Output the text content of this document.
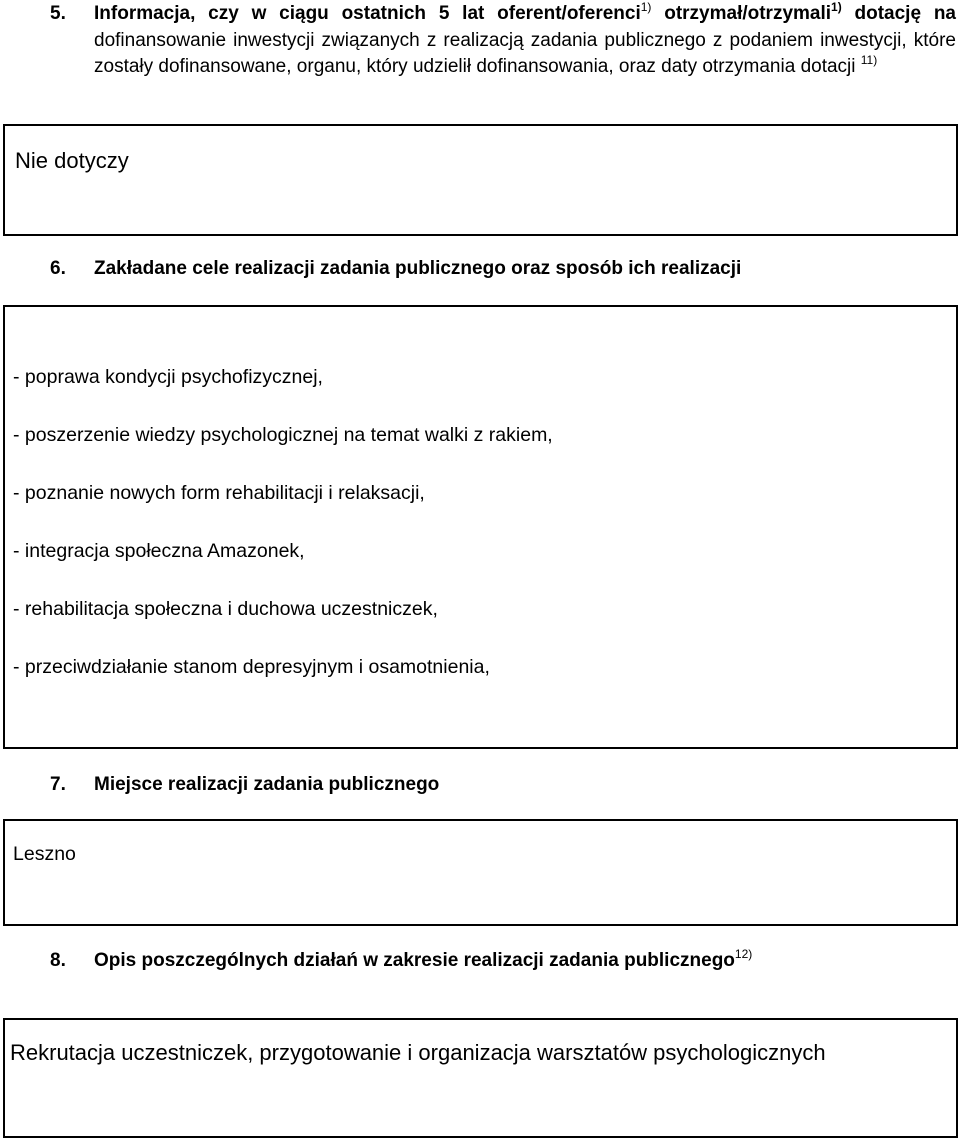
5. Informacja, czy w ciągu ostatnich 5 lat oferent/oferenci$^{1)}$ otrzymał/otrzymali$^{1)}$ dotację na dofinansowanie inwestycji związanych z realizacją zadania publicznego z podaniem inwestycji, które zostały dofinansowane, organu, który udzielił dofinansowania, oraz daty otrzymania dotacji $^{11)}$
Nie dotyczy
6. Zakładane cele realizacji zadania publicznego oraz sposób ich realizacji
- poprawa kondycji psychofizycznej,
- poszerzenie wiedzy psychologicznej na temat walki z rakiem,
- poznanie nowych form rehabilitacji i relaksacji,
- integracja społeczna Amazonek,
- rehabilitacja społeczna i duchowa uczestniczek,
- przeciwdziałanie stanom depresyjnym i osamotnienia,
7. Miejsce realizacji zadania publicznego
Leszno
8. Opis poszczególnych działań w zakresie realizacji zadania publicznego$^{12)}$
Rekrutacja uczestniczek, przygotowanie i organizacja warsztatów psychologicznych
